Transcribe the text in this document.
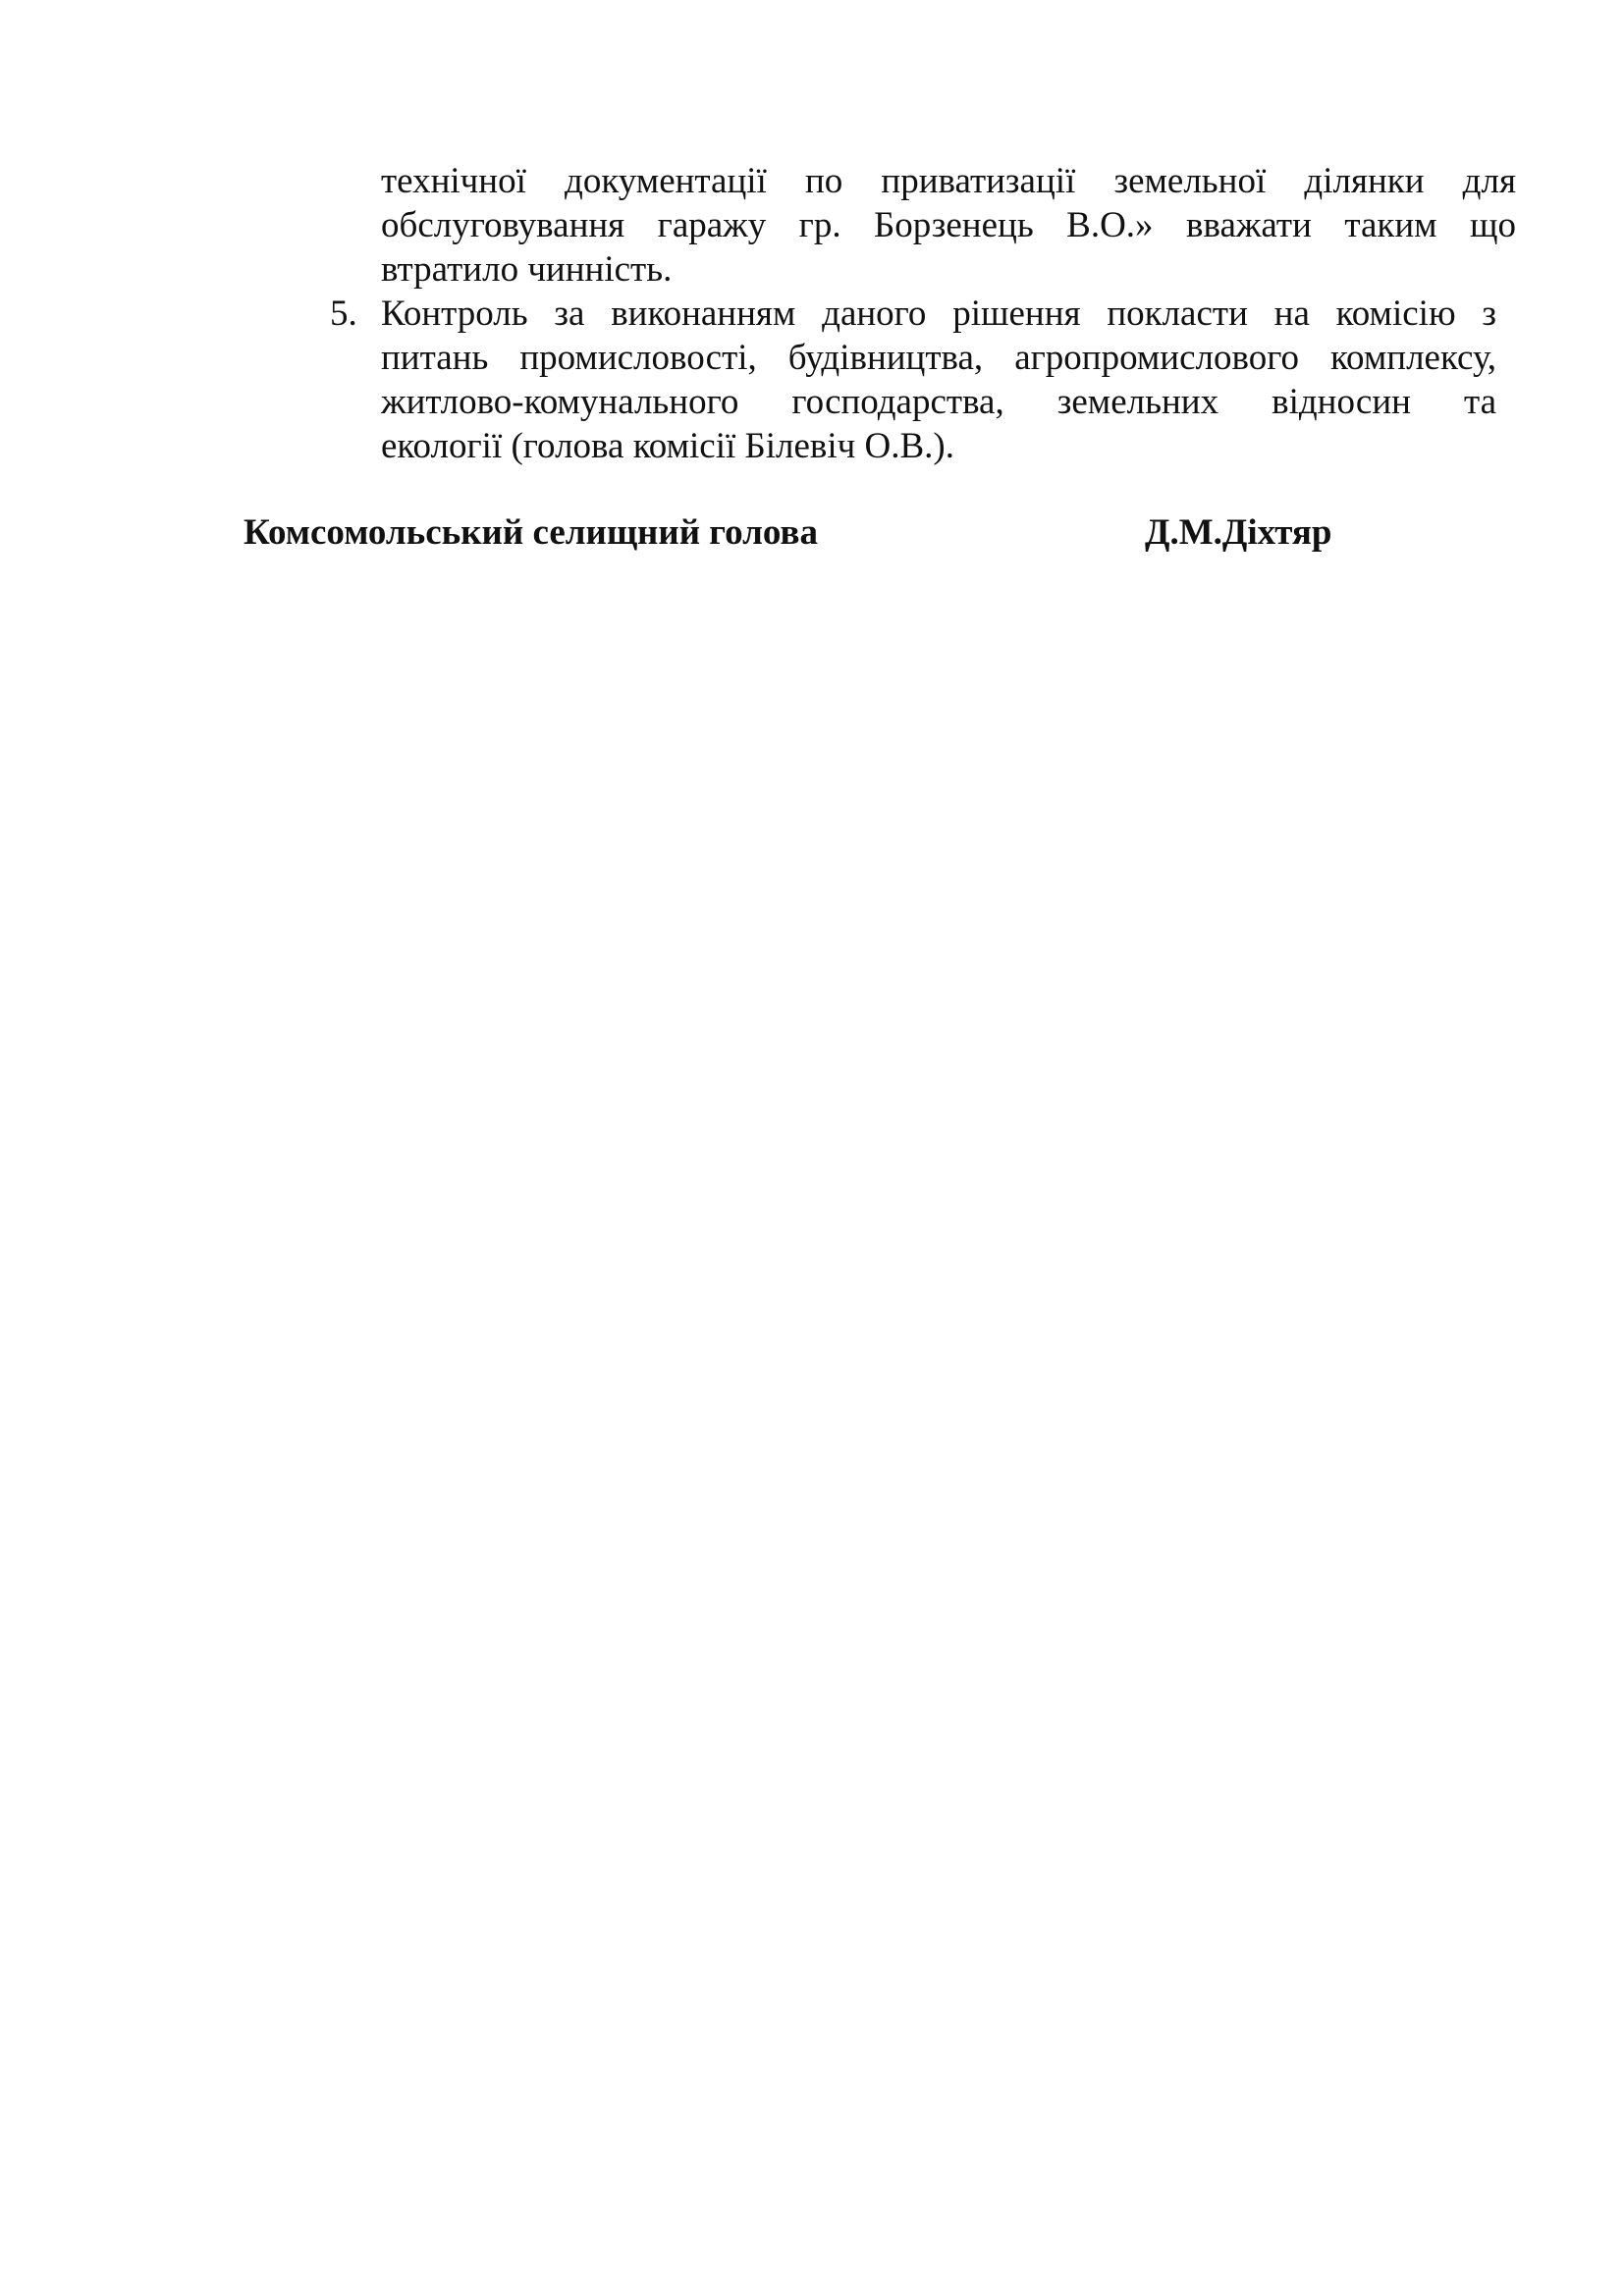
технічної документації по приватизації земельної ділянки для
обслуговування гаражу гр. Борзенець В.О.» вважати таким що
втратило чинність.
5. Контроль за виконанням даного рішення покласти на комісію з
питань промисловості, будівництва, агропромислового комплексу,
житлово-комунального господарства, земельних відносин та
екології (голова комісії Білевіч О.В.).
Комсомольський селищний голова	Д.М.Діхтяр
